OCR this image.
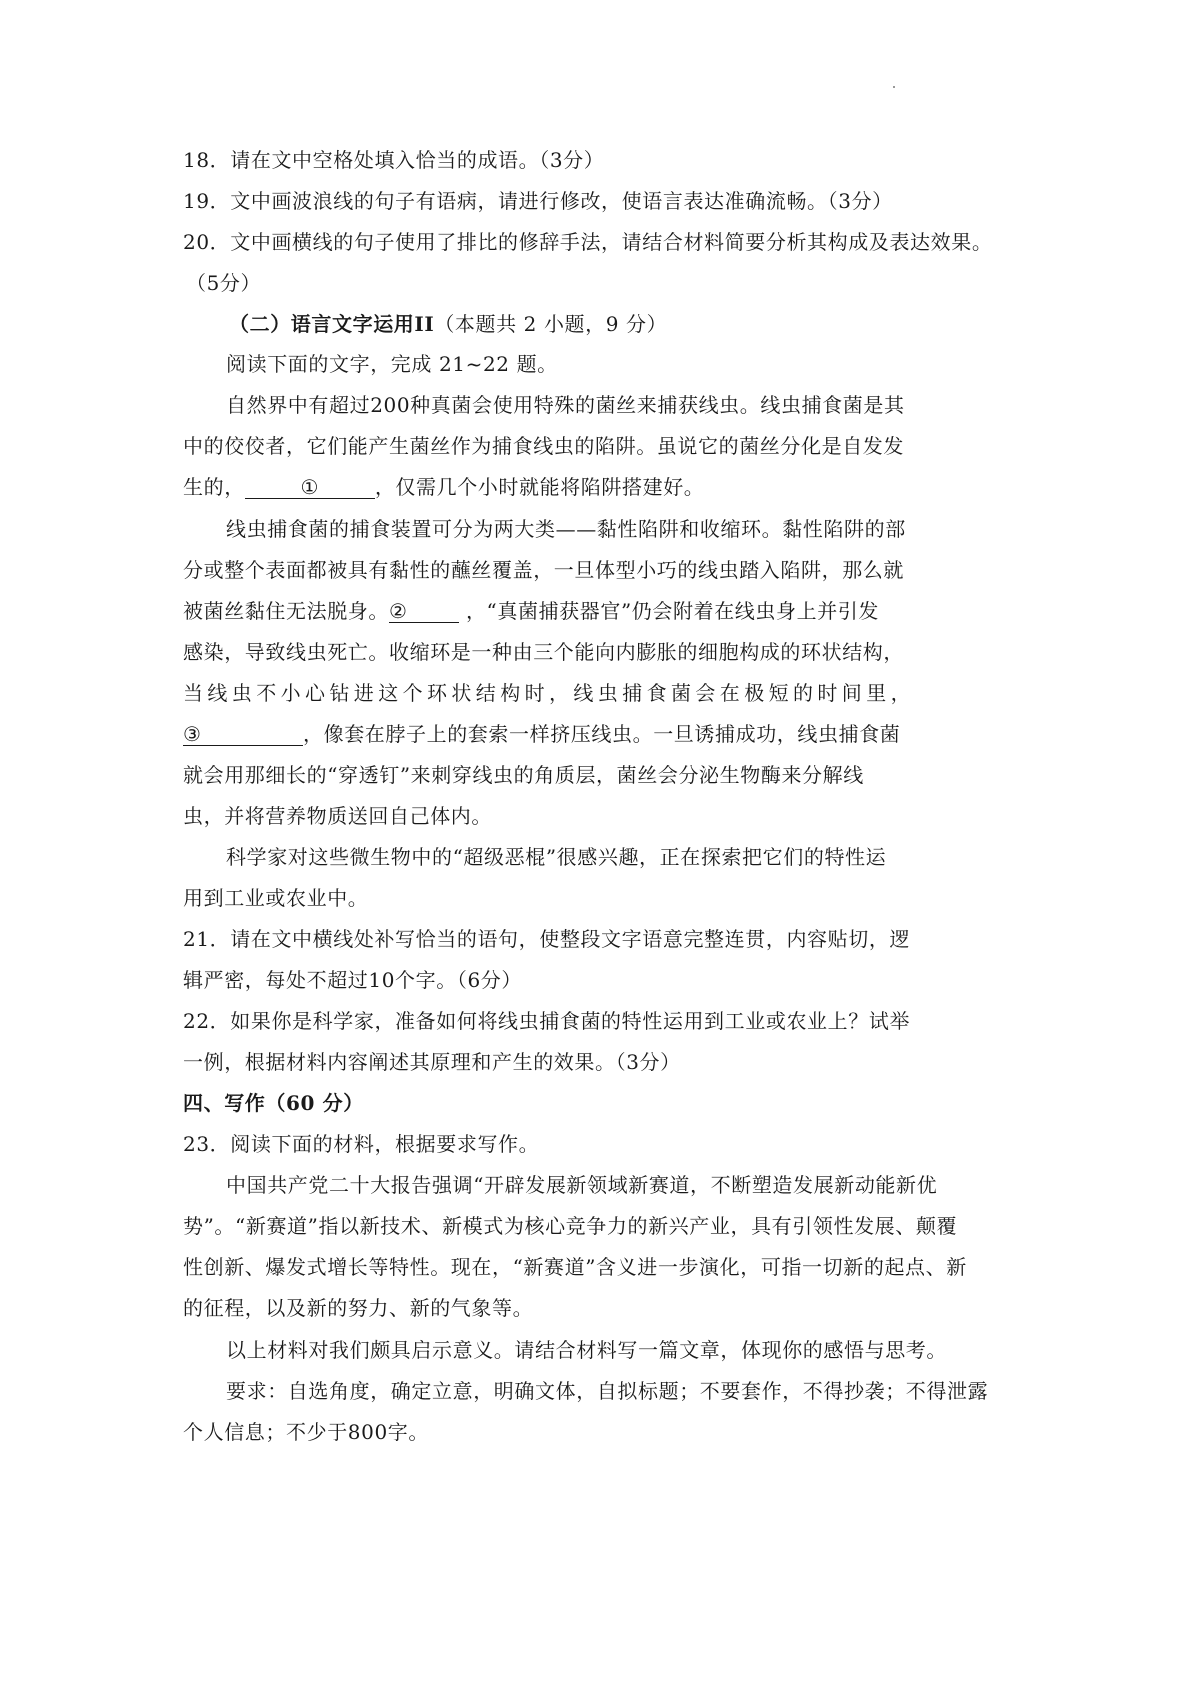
18．请在文中空格处填入恰当的成语。（3分）
19．文中画波浪线的句子有语病，请进行修改，使语言表达准确流畅。（3分）
20．文中画横线的句子使用了排比的修辞手法，请结合材料简要分析其构成及表达效果。
（5分）
（二）语言文字运用II（本题共 2 小题，9 分）
阅读下面的文字，完成 21~22 题。
自然界中有超过200种真菌会使用特殊的菌丝来捕获线虫。线虫捕食菌是其
中的佼佼者，它们能产生菌丝作为捕食线虫的陷阱。虽说它的菌丝分化是自发发
生的，	①	，仅需几个小时就能将陷阱搭建好。
线虫捕食菌的捕食装置可分为两大类——黏性陷阱和收缩环。黏性陷阱的部
分或整个表面都被具有黏性的蘸丝覆盖，一旦体型小巧的线虫踏入陷阱，那么就
被菌丝黏住无法脱身。②	，“真菌捕获器官”仍会附着在线虫身上并引发
感染，导致线虫死亡。收缩环是一种由三个能向内膨胀的细胞构成的环状结构，
当线虫不小心钻进这个环状结构时，线虫捕食菌会在极短的时间里，
③	，像套在脖子上的套索一样挤压线虫。一旦诱捕成功，线虫捕食菌
就会用那细长的“穿透钉”来刺穿线虫的角质层，菌丝会分泌生物酶来分解线
虫，并将营养物质送回自己体内。
科学家对这些微生物中的“超级恶棍”很感兴趣，正在探索把它们的特性运
用到工业或农业中。
21．请在文中横线处补写恰当的语句，使整段文字语意完整连贯，内容贴切，逻
辑严密，每处不超过10个字。（6分）
22．如果你是科学家，准备如何将线虫捕食菌的特性运用到工业或农业上？试举
一例，根据材料内容阐述其原理和产生的效果。（3分）
四、写作（60 分）
23．阅读下面的材料，根据要求写作。
中国共产党二十大报告强调“开辟发展新领域新赛道，不断塑造发展新动能新优
势”。“新赛道”指以新技术、新模式为核心竞争力的新兴产业，具有引领性发展、颠覆
性创新、爆发式增长等特性。现在，“新赛道”含义进一步演化，可指一切新的起点、新
的征程，以及新的努力、新的气象等。
以上材料对我们颇具启示意义。请结合材料写一篇文章，体现你的感悟与思考。
要求：自选角度，确定立意，明确文体，自拟标题；不要套作，不得抄袭；不得泄露
个人信息；不少于800字。
